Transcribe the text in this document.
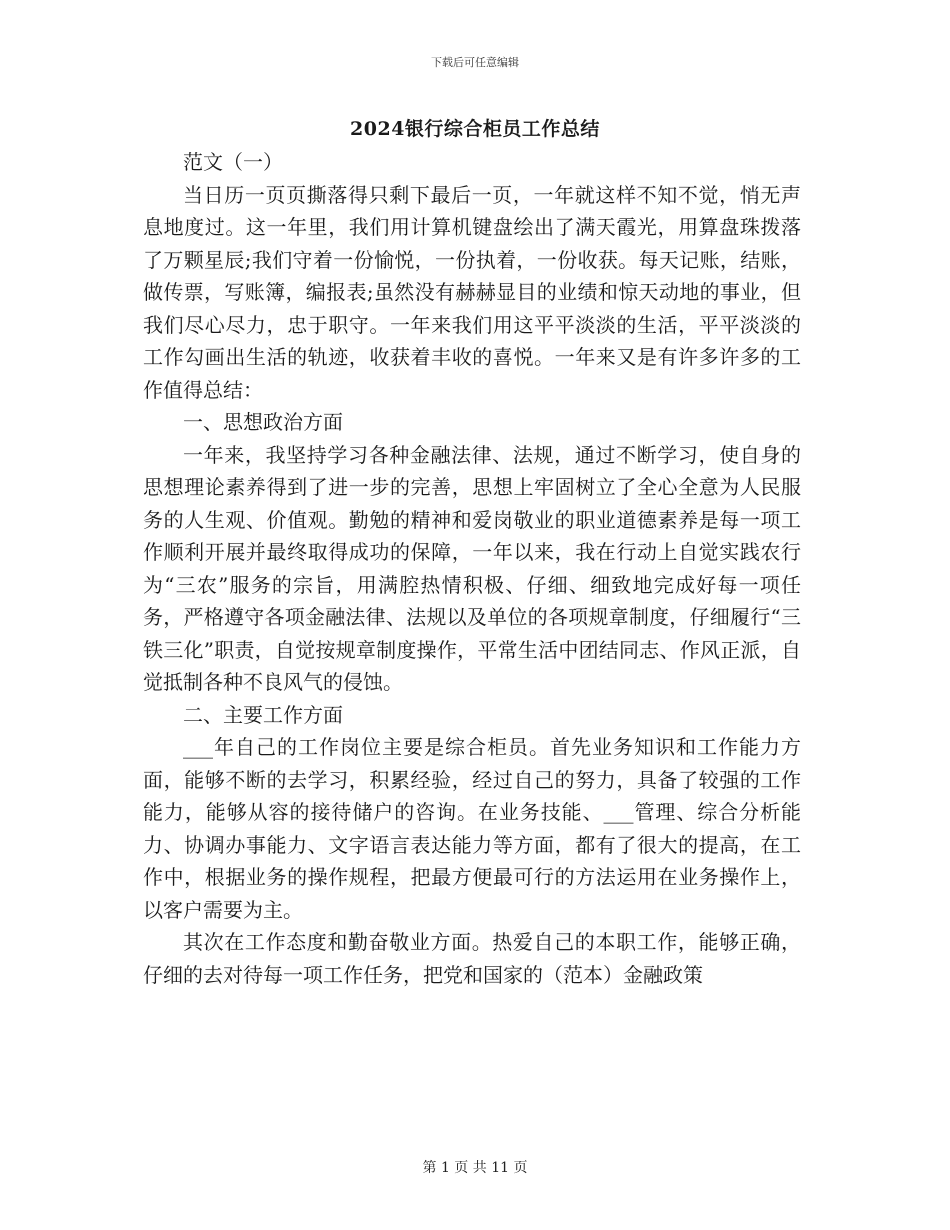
下载后可任意编辑
2024银行综合柜员工作总结

范文（一）

当日历一页页撕落得只剩下最后一页，一年就这样不知不觉，悄无声息地度过。这一年里，我们用计算机键盘绘出了满天霞光，用算盘珠拨落了万颗星辰;我们守着一份愉悦，一份执着，一份收获。每天记账，结账，做传票，写账簿，编报表;虽然没有赫赫显目的业绩和惊天动地的事业，但我们尽心尽力，忠于职守。一年来我们用这平平淡淡的生活，平平淡淡的工作勾画出生活的轨迹，收获着丰收的喜悦。一年来又是有许多许多的工作值得总结：

一、思想政治方面

一年来，我坚持学习各种金融法律、法规，通过不断学习，使自身的思想理论素养得到了进一步的完善，思想上牢固树立了全心全意为人民服务的人生观、价值观。勤勉的精神和爱岗敬业的职业道德素养是每一项工作顺利开展并最终取得成功的保障，一年以来，我在行动上自觉实践农行为“三农”服务的宗旨，用满腔热情积极、仔细、细致地完成好每一项任务，严格遵守各项金融法律、法规以及单位的各项规章制度，仔细履行“三铁三化”职责，自觉按规章制度操作，平常生活中团结同志、作风正派，自觉抵制各种不良风气的侵蚀。

二、主要工作方面

___年自己的工作岗位主要是综合柜员。首先业务知识和工作能力方面，能够不断的去学习，积累经验，经过自己的努力，具备了较强的工作能力，能够从容的接待储户的咨询。在业务技能、___管理、综合分析能力、协调办事能力、文字语言表达能力等方面，都有了很大的提高，在工作中，根据业务的操作规程，把最方便最可行的方法运用在业务操作上，以客户需要为主。

其次在工作态度和勤奋敬业方面。热爱自己的本职工作，能够正确，仔细的去对待每一项工作任务，把党和国家的（范本）金融政策

第 1 页 共 11 页
